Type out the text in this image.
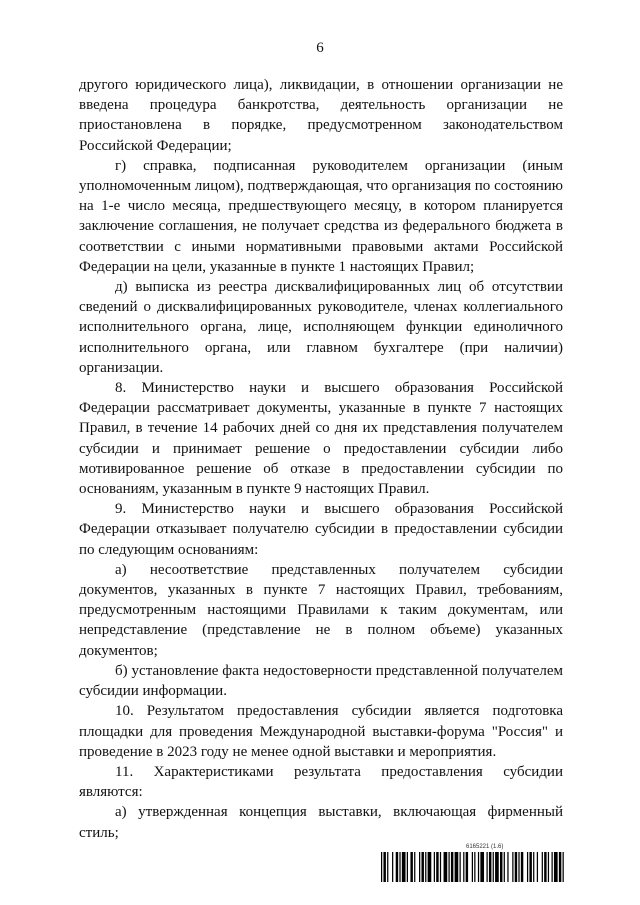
6

другого юридического лица), ликвидации, в отношении организации не введена процедура банкротства, деятельность организации не приостановлена в порядке, предусмотренном законодательством Российской Федерации;

г) справка, подписанная руководителем организации (иным уполномоченным лицом), подтверждающая, что организация по состоянию на 1-е число месяца, предшествующего месяцу, в котором планируется заключение соглашения, не получает средства из федерального бюджета в соответствии с иными нормативными правовыми актами Российской Федерации на цели, указанные в пункте 1 настоящих Правил;

д) выписка из реестра дисквалифицированных лиц об отсутствии сведений о дисквалифицированных руководителе, членах коллегиального исполнительного органа, лице, исполняющем функции единоличного исполнительного органа, или главном бухгалтере (при наличии) организации.

8. Министерство науки и высшего образования Российской Федерации рассматривает документы, указанные в пункте 7 настоящих Правил, в течение 14 рабочих дней со дня их представления получателем субсидии и принимает решение о предоставлении субсидии либо мотивированное решение об отказе в предоставлении субсидии по основаниям, указанным в пункте 9 настоящих Правил.

9. Министерство науки и высшего образования Российской Федерации отказывает получателю субсидии в предоставлении субсидии по следующим основаниям:

а) несоответствие представленных получателем субсидии документов, указанных в пункте 7 настоящих Правил, требованиям, предусмотренным настоящими Правилами к таким документам, или непредставление (представление не в полном объеме) указанных документов;

б) установление факта недостоверности представленной получателем субсидии информации.

10. Результатом предоставления субсидии является подготовка площадки для проведения Международной выставки-форума "Россия" и проведение в 2023 году не менее одной выставки и мероприятия.

11. Характеристиками результата предоставления субсидии являются:

а) утвержденная концепция выставки, включающая фирменный стиль;

6165221 (1.6)
